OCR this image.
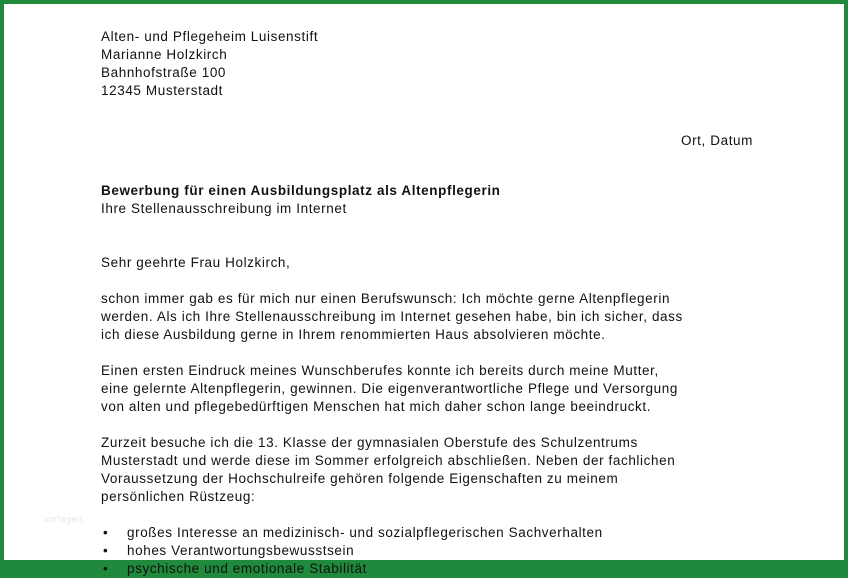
vorlagen
Alten- und Pflegeheim Luisenstift
Marianne Holzkirch
Bahnhofstraße 100
12345 Musterstadt
Ort, Datum
Bewerbung für einen Ausbildungsplatz als Altenpflegerin
Ihre Stellenausschreibung im Internet
Sehr geehrte Frau Holzkirch,
schon immer gab es für mich nur einen Berufswunsch: Ich möchte gerne Altenpflegerin
werden. Als ich Ihre Stellenausschreibung im Internet gesehen habe, bin ich sicher, dass
ich diese Ausbildung gerne in Ihrem renommierten Haus absolvieren möchte.
Einen ersten Eindruck meines Wunschberufes konnte ich bereits durch meine Mutter,
eine gelernte Altenpflegerin, gewinnen. Die eigenverantwortliche Pflege und Versorgung
von alten und pflegebedürftigen Menschen hat mich daher schon lange beeindruckt.
Zurzeit besuche ich die 13. Klasse der gymnasialen Oberstufe des Schulzentrums
Musterstadt und werde diese im Sommer erfolgreich abschließen. Neben der fachlichen
Voraussetzung der Hochschulreife gehören folgende Eigenschaften zu meinem
persönlichen Rüstzeug:
• großes Interesse an medizinisch- und sozialpflegerischen Sachverhalten
• hohes Verantwortungsbewusstsein
• psychische und emotionale Stabilität
